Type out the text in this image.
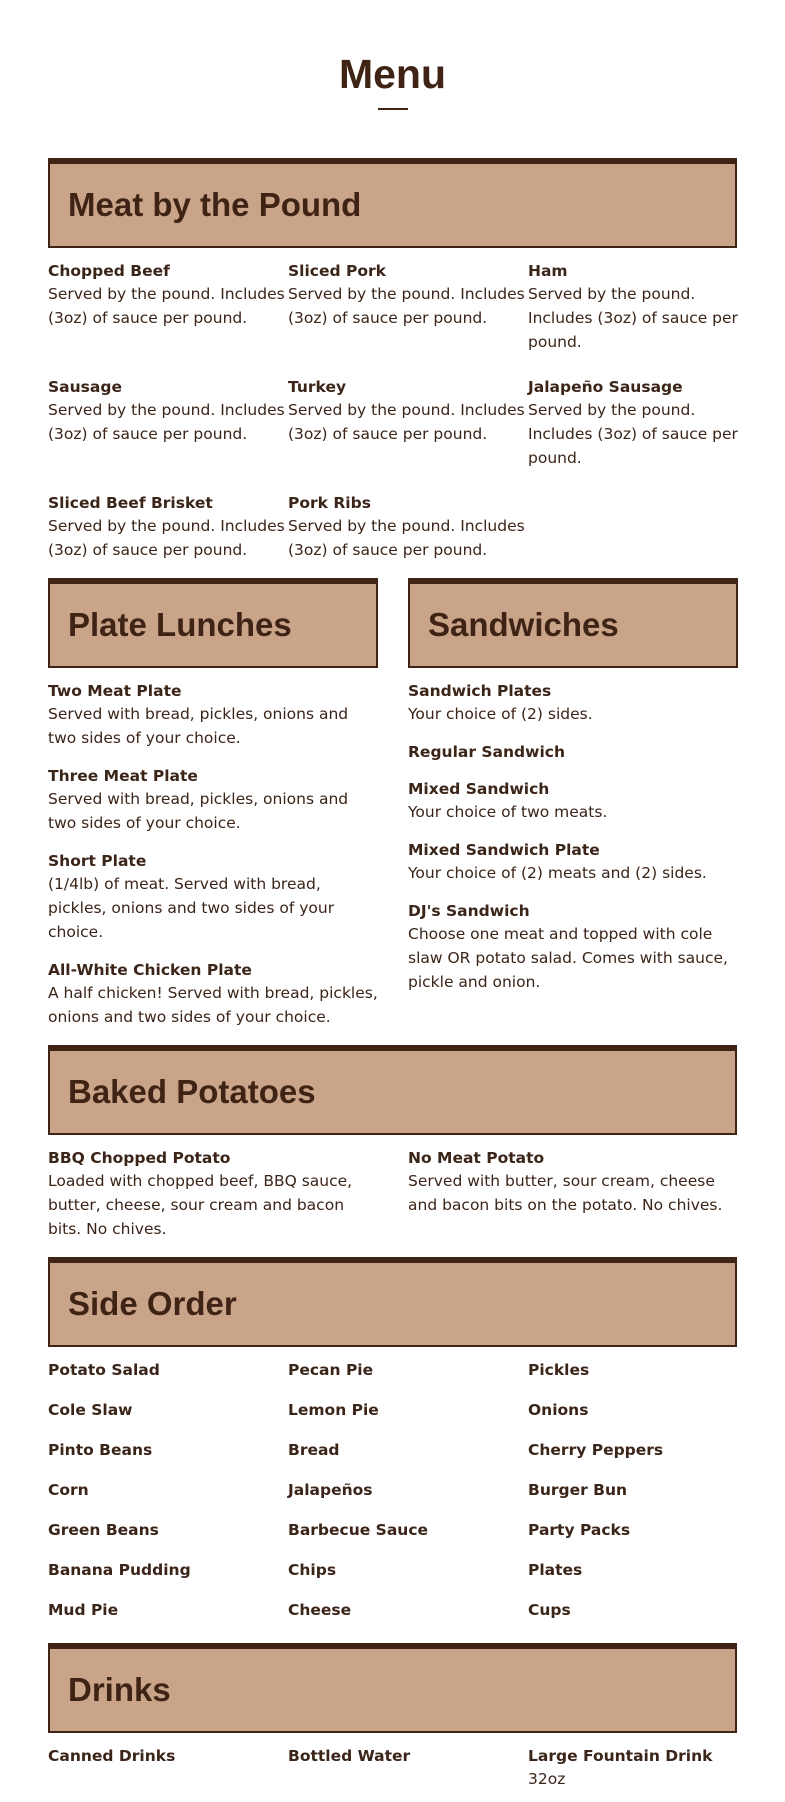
Menu
Meat by the Pound
Chopped Beef
Served by the pound. Includes (3oz) of sauce per pound.
Sliced Pork
Served by the pound. Includes (3oz) of sauce per pound.
Ham
Served by the pound. Includes (3oz) of sauce per pound.
Sausage
Served by the pound. Includes (3oz) of sauce per pound.
Turkey
Served by the pound. Includes (3oz) of sauce per pound.
Jalapeño Sausage
Served by the pound. Includes (3oz) of sauce per pound.
Sliced Beef Brisket
Served by the pound. Includes (3oz) of sauce per pound.
Pork Ribs
Served by the pound. Includes (3oz) of sauce per pound.
Plate Lunches
Two Meat Plate
Served with bread, pickles, onions and two sides of your choice.
Three Meat Plate
Served with bread, pickles, onions and two sides of your choice.
Short Plate
(1/4lb) of meat. Served with bread, pickles, onions and two sides of your choice.
All-White Chicken Plate
A half chicken! Served with bread, pickles, onions and two sides of your choice.
Sandwiches
Sandwich Plates
Your choice of (2) sides.
Regular Sandwich
Mixed Sandwich
Your choice of two meats.
Mixed Sandwich Plate
Your choice of (2) meats and (2) sides.
DJ's Sandwich
Choose one meat and topped with cole slaw OR potato salad. Comes with sauce, pickle and onion.
Baked Potatoes
BBQ Chopped Potato
Loaded with chopped beef, BBQ sauce, butter, cheese, sour cream and bacon bits. No chives.
No Meat Potato
Served with butter, sour cream, cheese and bacon bits on the potato. No chives.
Side Order
Potato Salad	Pecan Pie	Pickles
Cole Slaw	Lemon Pie	Onions
Pinto Beans	Bread	Cherry Peppers
Corn	Jalapeños	Burger Bun
Green Beans	Barbecue Sauce	Party Packs
Banana Pudding	Chips	Plates
Mud Pie	Cheese	Cups
Drinks
Canned Drinks	Bottled Water	Large Fountain Drink
32oz
